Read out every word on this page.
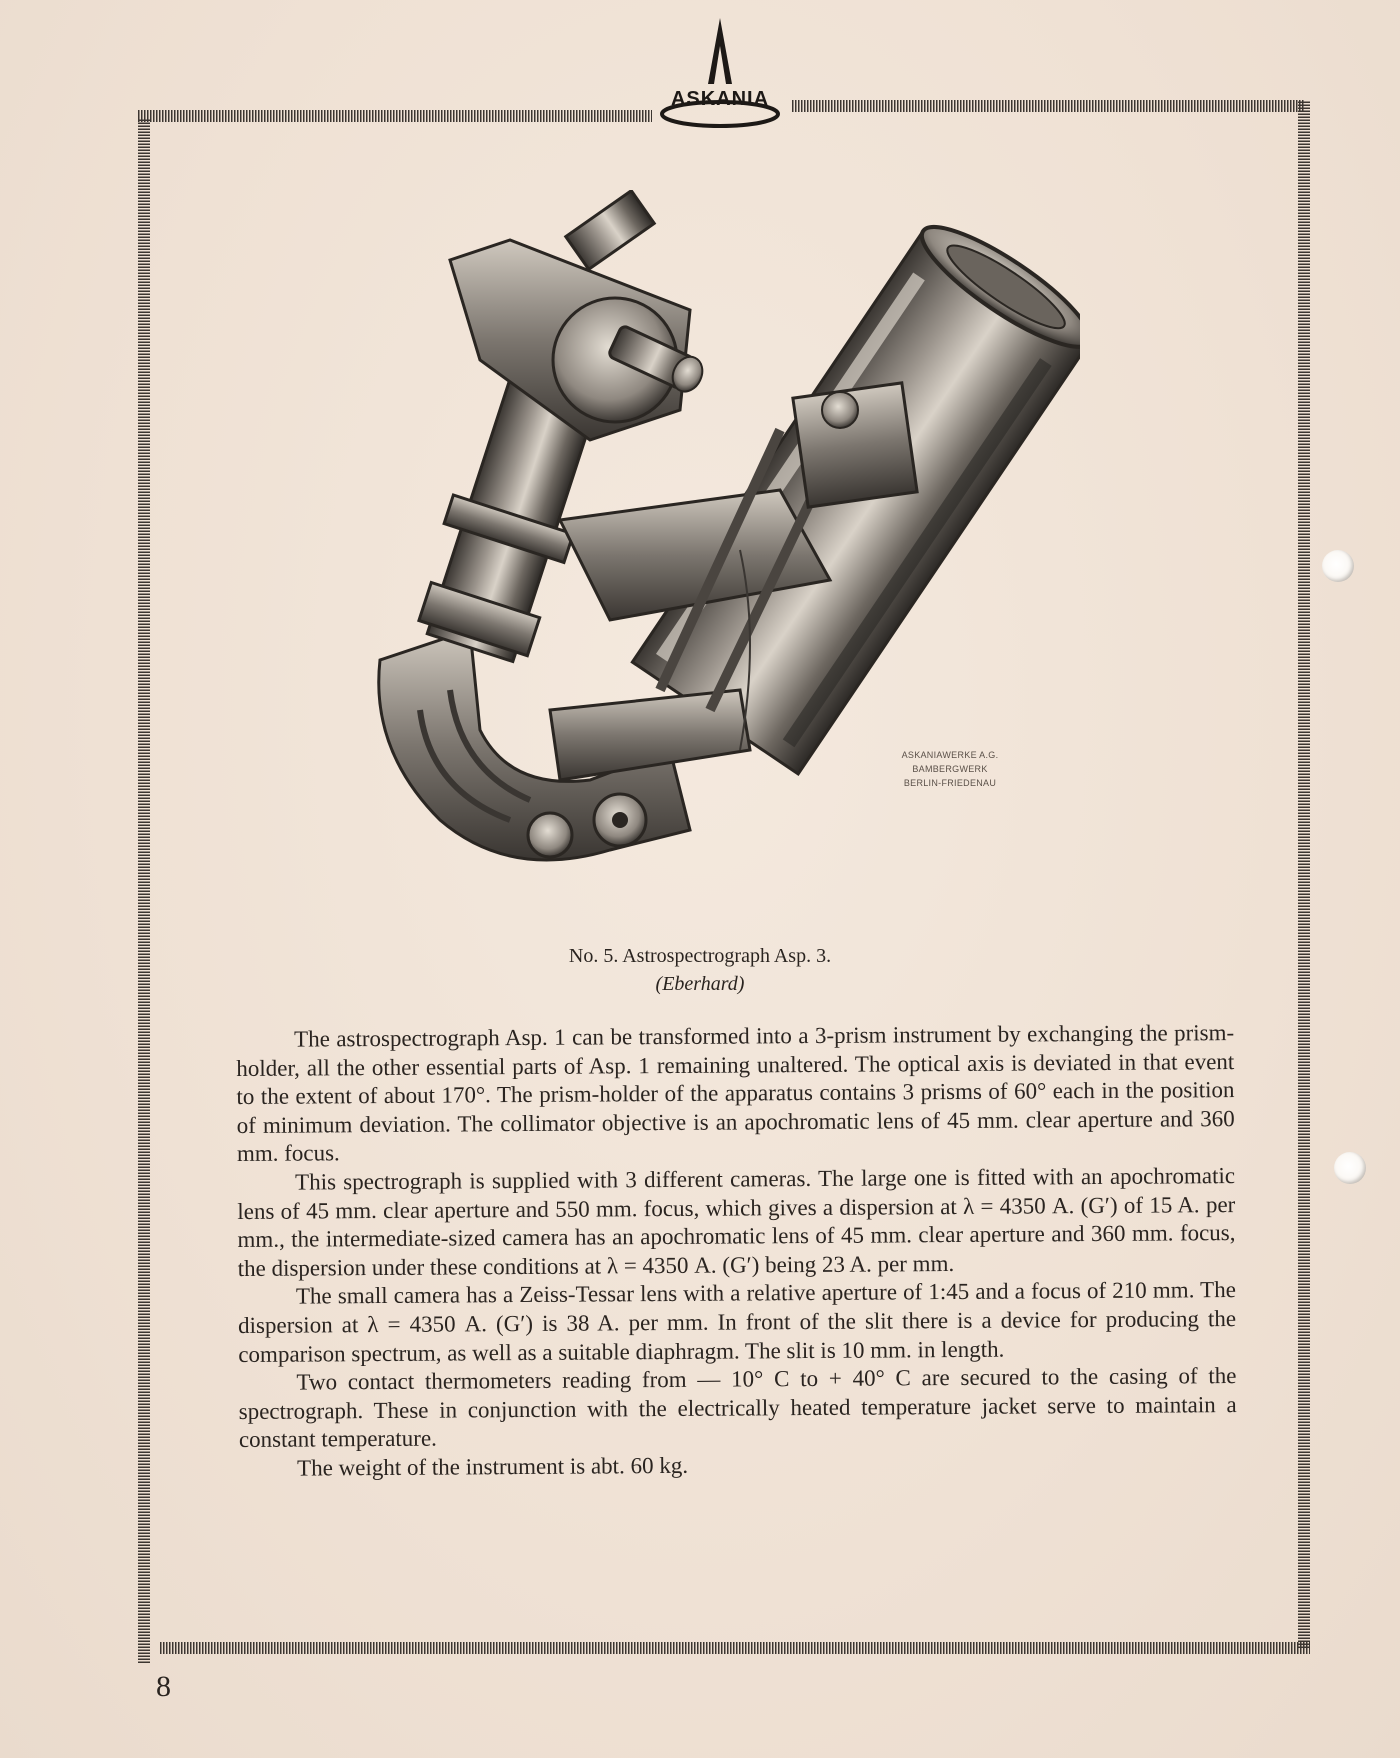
ASKANIA
ASKANIAWERKE A.G.
BAMBERGWERK
BERLIN-FRIEDENAU
No. 5. Astrospectrograph Asp. 3.
(Eberhard)

The astrospectrograph Asp. 1 can be transformed into a 3-prism instrument by exchanging the prism-holder, all the other essential parts of Asp. 1 remaining unaltered. The optical axis is deviated in that event to the extent of about 170°. The prism-holder of the apparatus contains 3 prisms of 60° each in the position of minimum deviation. The collimator objective is an apochromatic lens of 45 mm. clear aperture and 360 mm. focus.

This spectrograph is supplied with 3 different cameras. The large one is fitted with an apochromatic lens of 45 mm. clear aperture and 550 mm. focus, which gives a dispersion at λ = 4350 A. (G′) of 15 A. per mm., the intermediate-sized camera has an apochromatic lens of 45 mm. clear aperture and 360 mm. focus, the dispersion under these conditions at λ = 4350 A. (G′) being 23 A. per mm.

The small camera has a Zeiss-Tessar lens with a relative aperture of 1:45 and a focus of 210 mm. The dispersion at λ = 4350 A. (G′) is 38 A. per mm. In front of the slit there is a device for producing the comparison spectrum, as well as a suitable diaphragm. The slit is 10 mm. in length.

Two contact thermometers reading from — 10° C to + 40° C are secured to the casing of the spectrograph. These in conjunction with the electrically heated temperature jacket serve to maintain a constant temperature.

The weight of the instrument is abt. 60 kg.

8
